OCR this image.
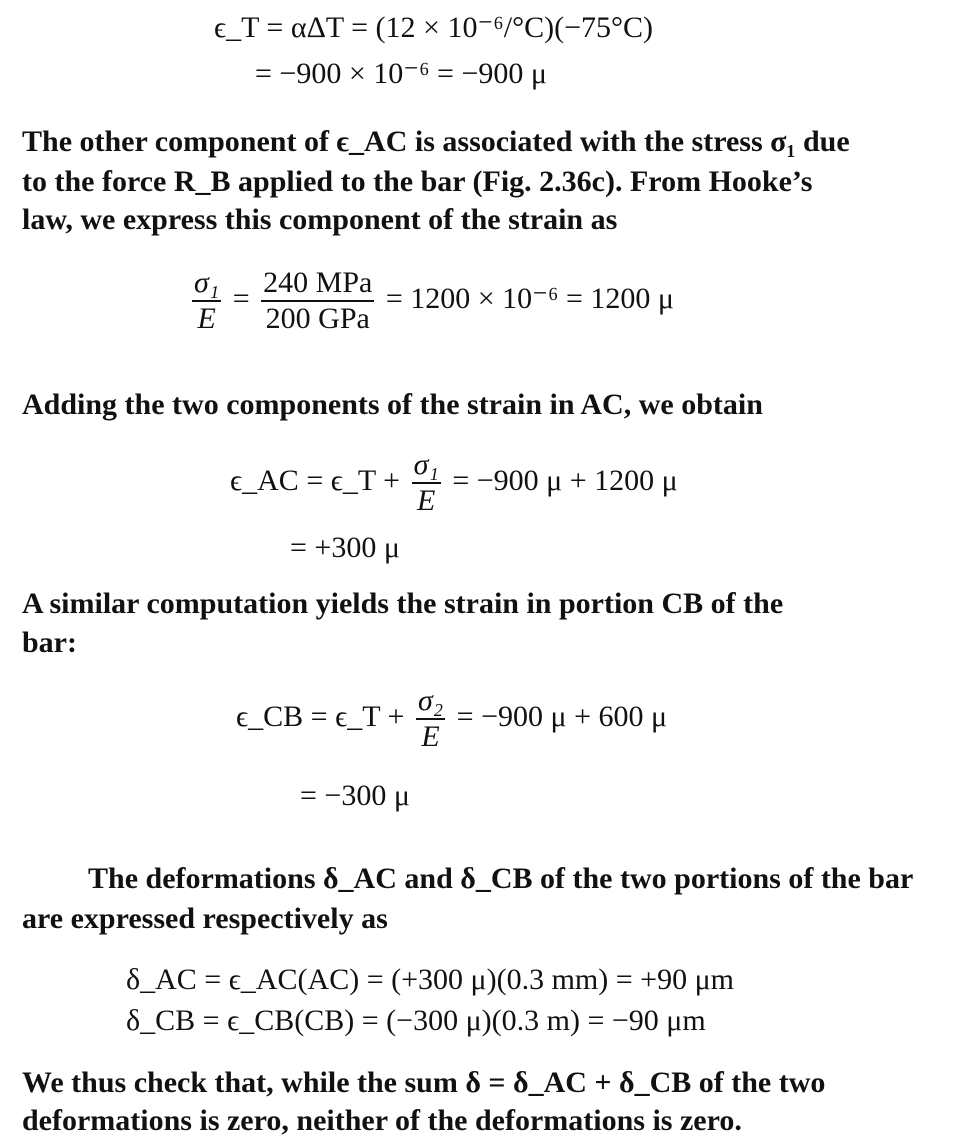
ϵ_T = αΔT = (12 × 10⁻⁶/°C)(−75°C)
= −900 × 10⁻⁶ = −900 μ
The other component of ϵ_AC is associated with the stress σ₁ due
to the force R_B applied to the bar (Fig. 2.36c). From Hooke’s
law, we express this component of the strain as
$\frac{\text{σ₁}}{E} = \frac{\text{240 MPa}}{\text{200 GPa}} = 1200 \times 10^{-6} = 1200$ μ
Adding the two components of the strain in AC, we obtain
ϵ_AC = ϵ_T + $\frac{\text{σ₁}}{E} = -900$ μ + 1200 μ
= +300 μ
A similar computation yields the strain in portion CB of the
bar:
ϵ_CB = ϵ_T + $\frac{\text{σ₂}}{E} = -900$ μ + 600 μ
= −300 μ
The deformations δ_AC and δ_CB of the two portions of the bar
are expressed respectively as
δ_AC = ϵ_AC(AC) = (+300 μ)(0.3 mm) = +90 μm
δ_CB = ϵ_CB(CB) = (−300 μ)(0.3 m) = −90 μm
We thus check that, while the sum δ = δ_AC + δ_CB of the two
deformations is zero, neither of the deformations is zero.
